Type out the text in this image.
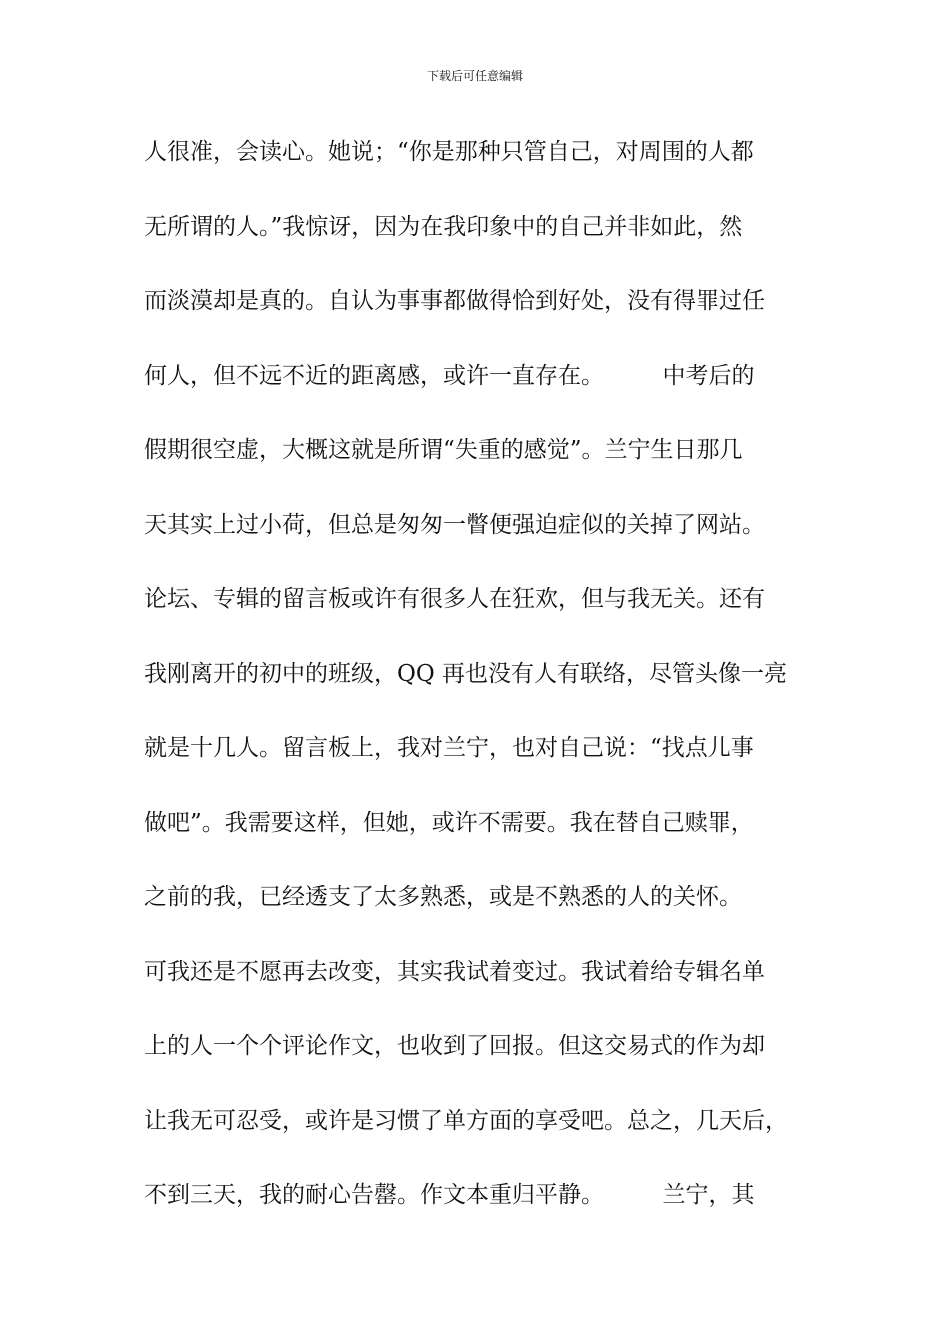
下载后可任意编辑
人很准，会读心。她说；“你是那种只管自己，对周围的人都
无所谓的人。”我惊讶，因为在我印象中的自己并非如此，然
而淡漠却是真的。自认为事事都做得恰到好处，没有得罪过任
何人，但不远不近的距离感，或许一直存在。        中考后的
假期很空虚，大概这就是所谓“失重的感觉”。兰宁生日那几
天其实上过小荷，但总是匆匆一瞥便强迫症似的关掉了网站。
论坛、专辑的留言板或许有很多人在狂欢，但与我无关。还有
我刚离开的初中的班级，QQ 再也没有人有联络，尽管头像一亮
就是十几人。留言板上，我对兰宁，也对自己说：“找点儿事
做吧”。我需要这样，但她，或许不需要。我在替自己赎罪，
之前的我，已经透支了太多熟悉，或是不熟悉的人的关怀。
可我还是不愿再去改变，其实我试着变过。我试着给专辑名单
上的人一个个评论作文，也收到了回报。但这交易式的作为却
让我无可忍受，或许是习惯了单方面的享受吧。总之，几天后，
不到三天，我的耐心告罄。作文本重归平静。        兰宁，其
